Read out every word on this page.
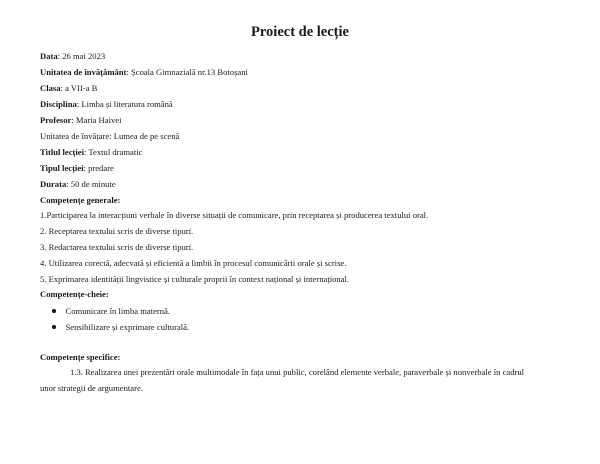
Proiect de lecție
Data: 26 mai 2023
Unitatea de învățământ: Școala Gimnazială nr.13 Botoșani
Clasa: a VII-a B
Disciplina: Limba și literatura română
Profesor: Maria Haivei
Unitatea de învățare: Lumea de pe scenă
Titlul lecției: Textul dramatic
Tipul lecției: predare
Durata: 50 de minute
Competențe generale:
1.Participarea la interacțiuni verbale în diverse situații de comunicare, prin receptarea și producerea textului oral.
2. Receptarea textului scris de diverse tipuri.
3. Redactarea textului scris de diverse tipuri.
4. Utilizarea corectă, adecvată și eficientă a limbii în procesul comunicării orale și scrise.
5. Exprimarea identității lingvistice și culturale proprii în context național și internațional.
Competențe-cheie:
Comunicare în limba maternă.
Sensibilizare și exprimare culturală.
Competențe specifice:
1.3. Realizarea unei prezentări orale multimodale în fața unui public, corelând elemente verbale, paraverbale și nonverbale în cadrul unor strategii de argumentare.
